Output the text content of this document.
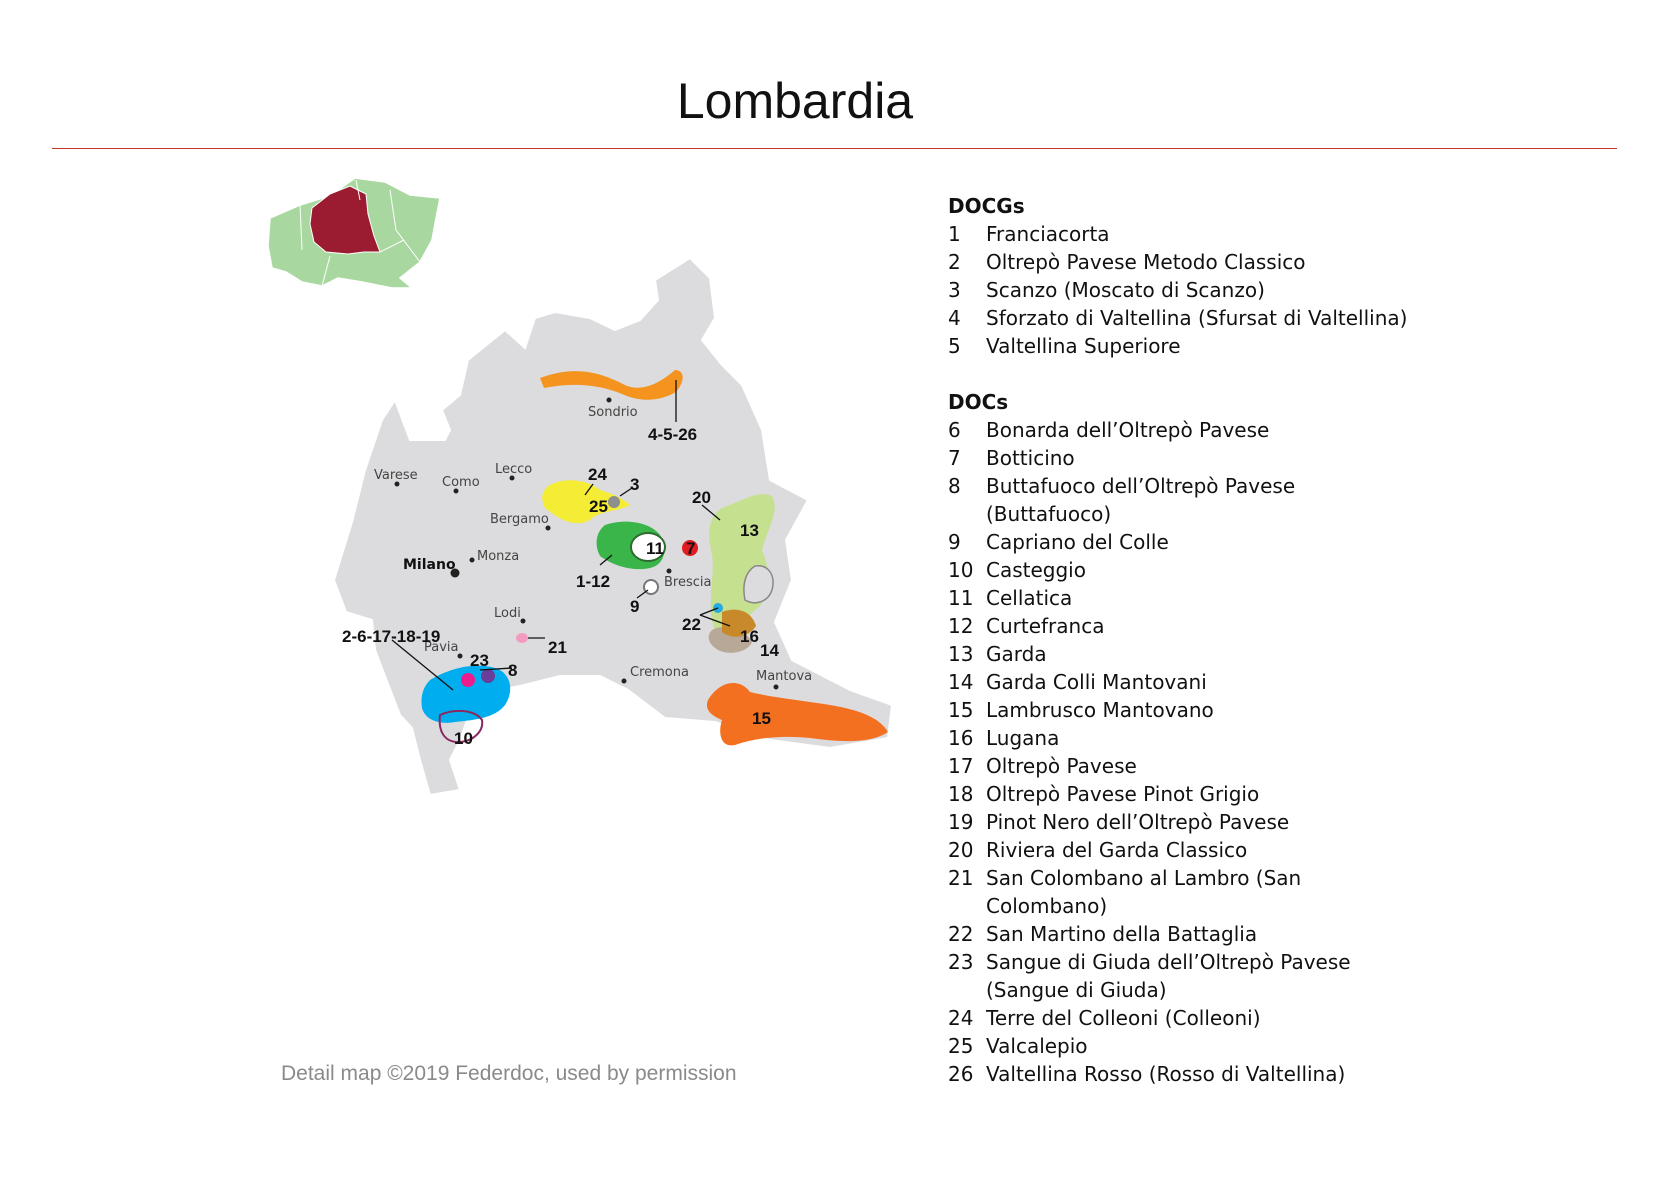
Lombardia
Sondrio
Varese Como
Lecco
Bergamo
Milano
Monza
Brescia
Lodi
Pavia
Cremona	Mantova
4-5-26
24
3
25	20
13
11 7
1-12
9
22
16
14
2-6-17-18-19
23
8
21
10
15
Detail map ©2019 Federdoc, used by permission
DOCGs
1	Franciacorta
2	Oltrepò Pavese Metodo Classico
3	Scanzo (Moscato di Scanzo)
4	Sforzato di Valtellina (Sfursat di Valtellina)
5	Valtellina Superiore
DOCs
6	Bonarda dell’Oltrepò Pavese
7	Botticino
8	Buttafuoco dell’Oltrepò Pavese (Buttafuoco)
9	Capriano del Colle
10 Casteggio
11 Cellatica
12 Curtefranca
13 Garda
14 Garda Colli Mantovani
15 Lambrusco Mantovano
16 Lugana
17 Oltrepò Pavese
18 Oltrepò Pavese Pinot Grigio
19 Pinot Nero dell’Oltrepò Pavese
20 Riviera del Garda Classico
21 San Colombano al Lambro (San Colombano)
22 San Martino della Battaglia
23 Sangue di Giuda dell’Oltrepò Pavese (Sangue di Giuda)
24 Terre del Colleoni (Colleoni)
25 Valcalepio
26 Valtellina Rosso (Rosso di Valtellina)
